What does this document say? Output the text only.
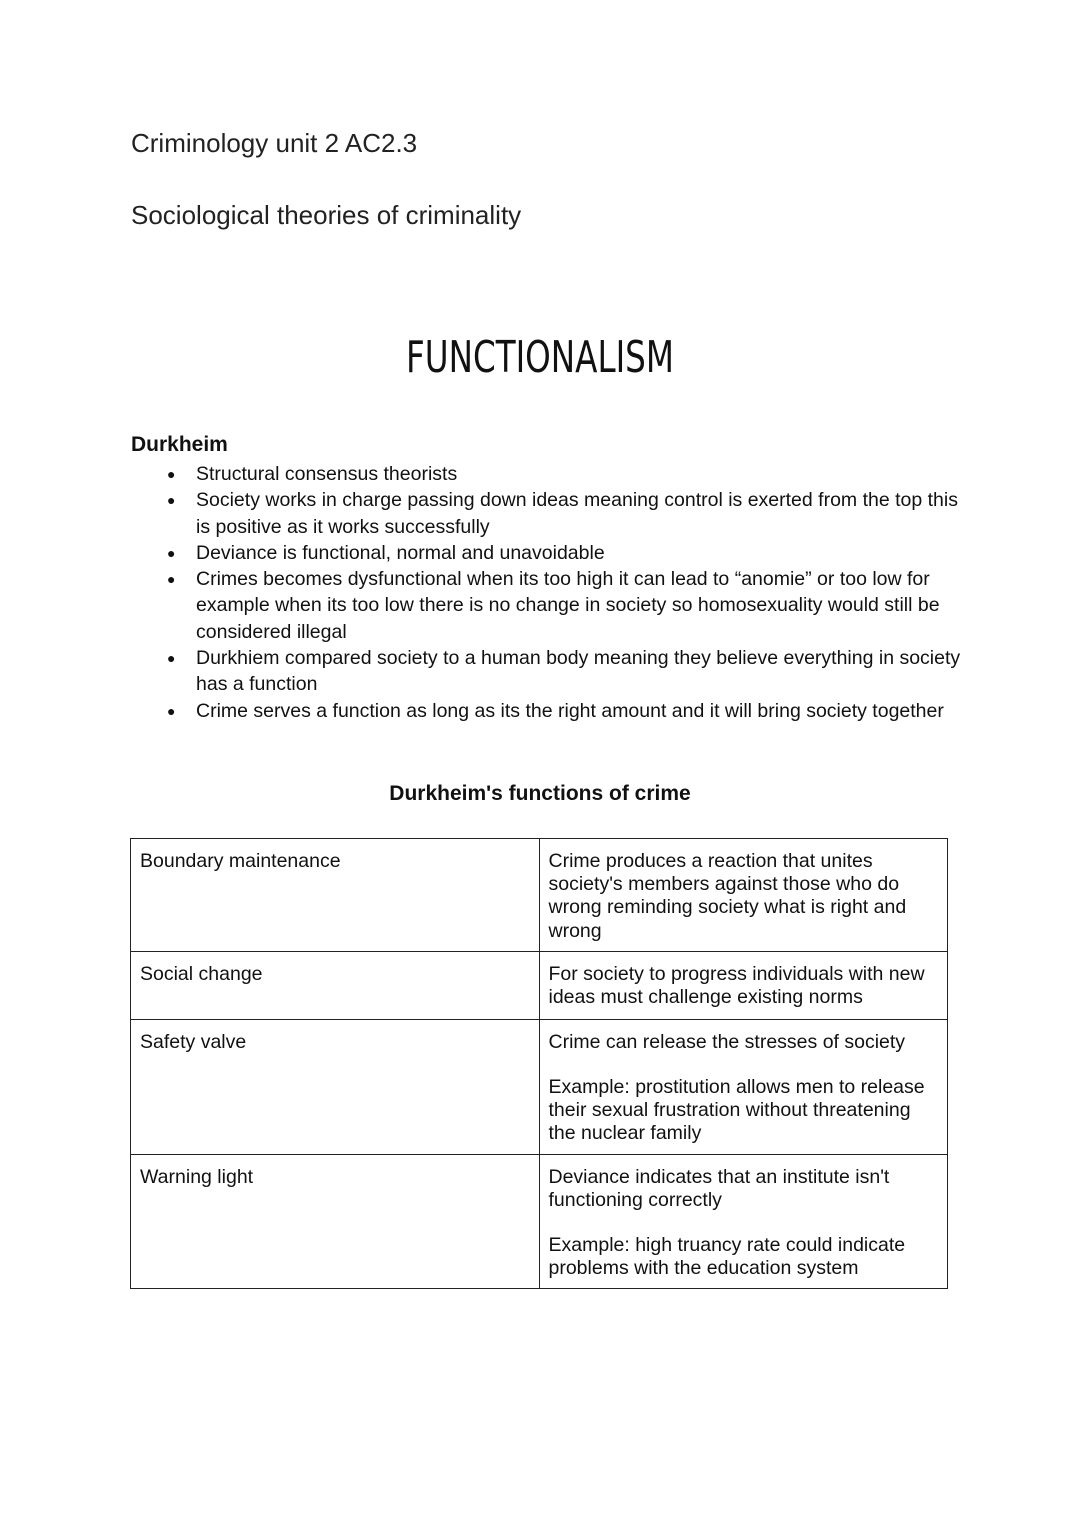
Criminology unit 2 AC2.3
Sociological theories of criminality
FUNCTIONALISM
Durkheim
● Structural consensus theorists
● Society works in charge passing down ideas meaning control is exerted from the top this is positive as it works successfully
● Deviance is functional, normal and unavoidable
● Crimes becomes dysfunctional when its too high it can lead to “anomie” or too low for example when its too low there is no change in society so homosexuality would still be considered illegal
● Durkhiem compared society to a human body meaning they believe everything in society has a function
● Crime serves a function as long as its the right amount and it will bring society together
Durkheim's functions of crime
Boundary maintenance	Crime produces a reaction that unites society's members against those who do wrong reminding society what is right and wrong

Social change	For society to progress individuals with new ideas must challenge existing norms

Safety valve	Crime can release the stresses of society

Example: prostitution allows men to release their sexual frustration without threatening the nuclear family

Warning light	Deviance indicates that an institute isn't functioning correctly

Example: high truancy rate could indicate problems with the education system
